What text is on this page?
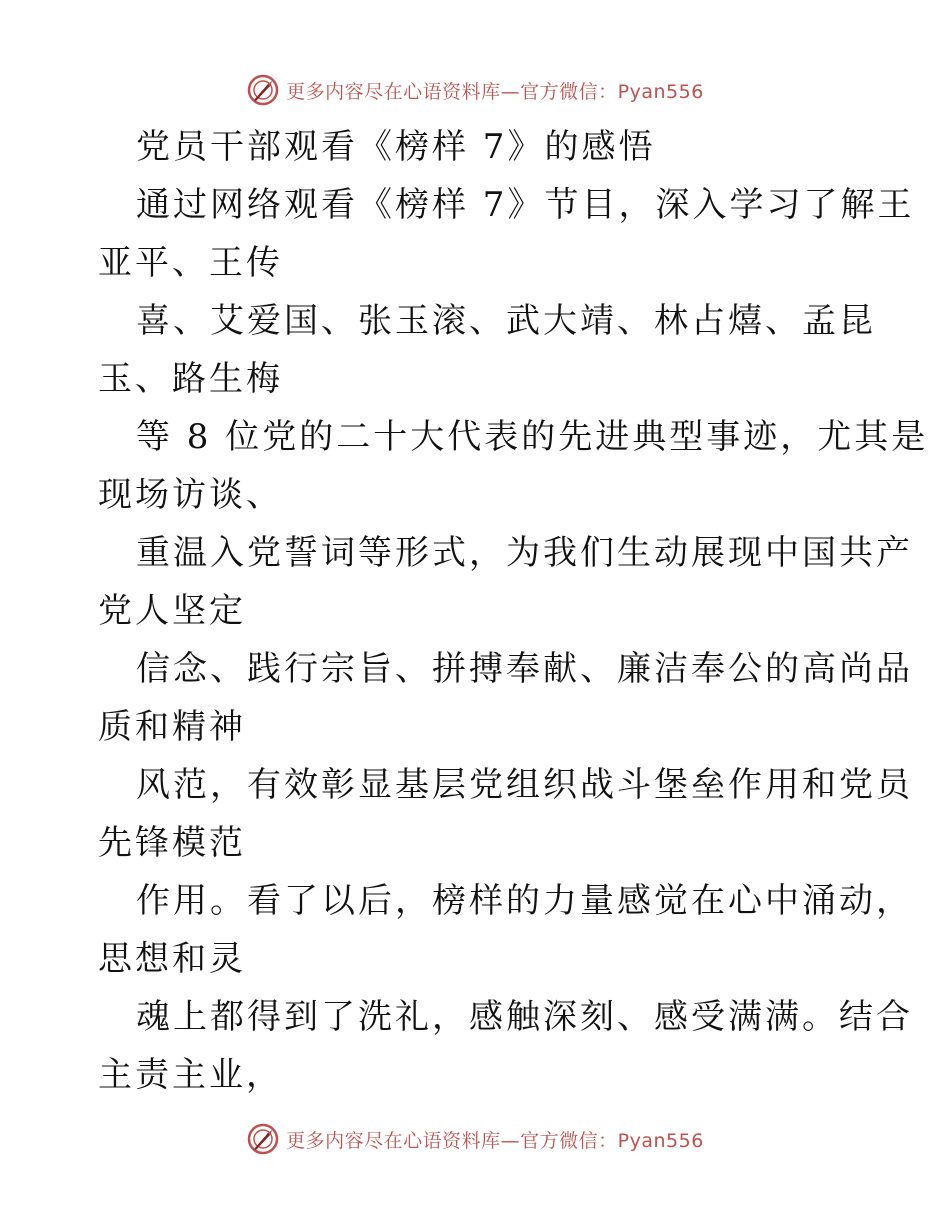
更多内容尽在心语资料库—官方微信：Pyan556
党员干部观看《榜样 7》的感悟
通过网络观看《榜样 7》节目，深入学习了解王
亚平、王传
喜、艾爱国、张玉滚、武大靖、林占熺、孟昆
玉、路生梅
等 8 位党的二十大代表的先进典型事迹，尤其是
现场访谈、
重温入党誓词等形式，为我们生动展现中国共产
党人坚定
信念、践行宗旨、拼搏奉献、廉洁奉公的高尚品
质和精神
风范，有效彰显基层党组织战斗堡垒作用和党员
先锋模范
作用。看了以后，榜样的力量感觉在心中涌动，
思想和灵
魂上都得到了洗礼，感触深刻、感受满满。结合
主责主业，
更多内容尽在心语资料库—官方微信：Pyan556
